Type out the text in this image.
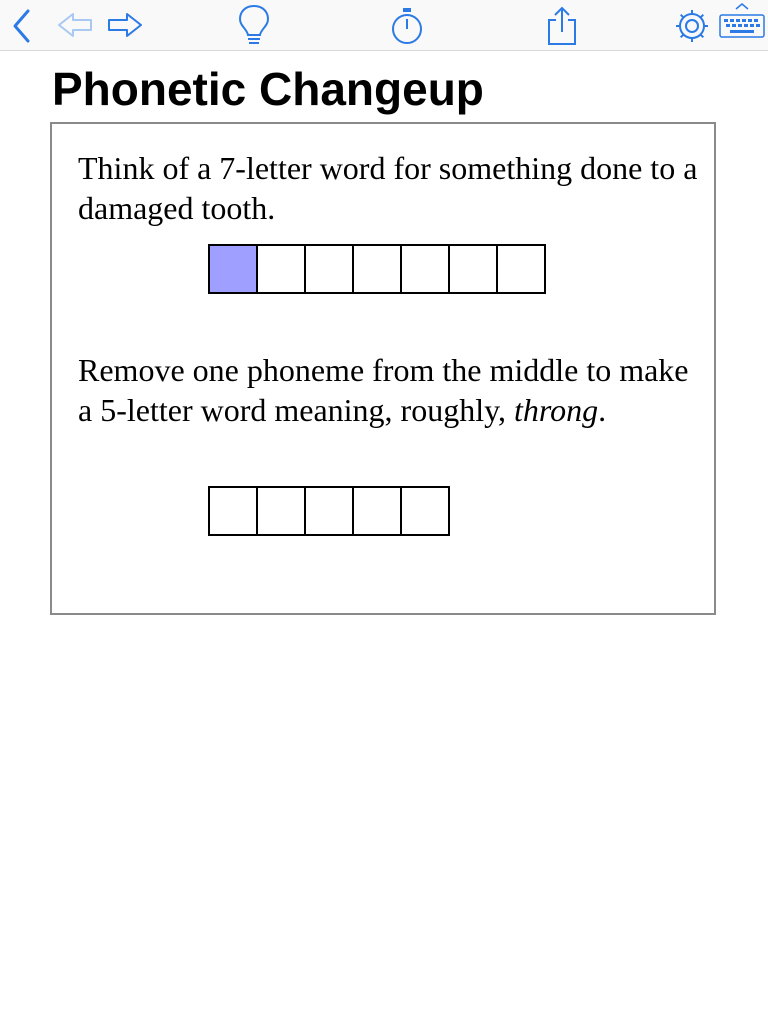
Phonetic Changeup
Think of a 7-letter word for something done to a damaged tooth.
Remove one phoneme from the middle to make a 5-letter word meaning, roughly, throng.
